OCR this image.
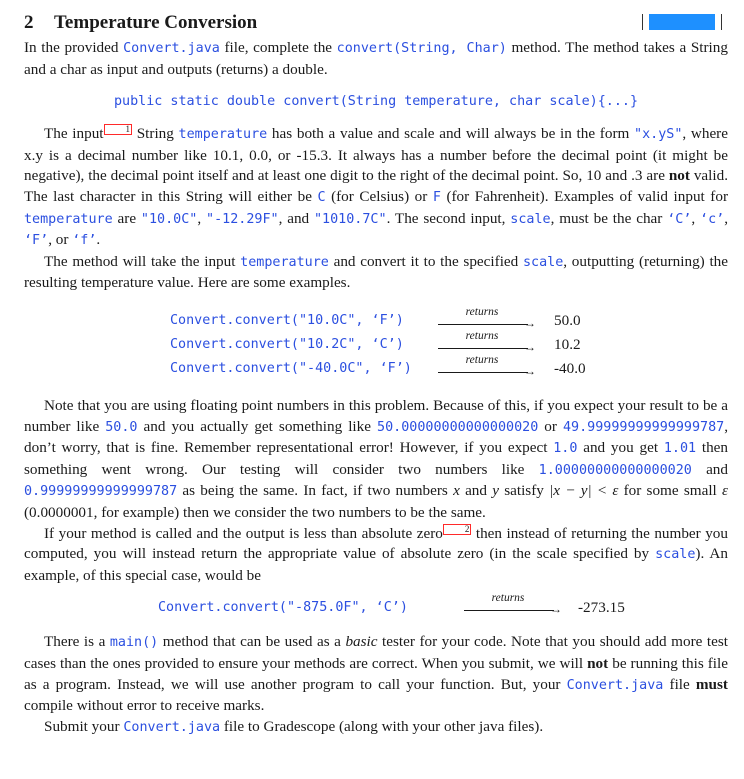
2 Temperature Conversion

In the provided Convert.java file, complete the convert(String, Char) method. The method takes a String and a char as input and outputs (returns) a double.

public static double convert(String temperature, char scale){...}

The input 1 String temperature has both a value and scale and will always be in the form "x.yS", where x.y is a decimal number like 10.1, 0.0, or -15.3. It always has a number before the decimal point (it might be negative), the decimal point itself and at least one digit to the right of the decimal point. So, 10 and .3 are not valid. The last character in this String will either be C (for Celsius) or F (for Fahrenheit). Examples of valid input for temperature are "10.0C", "-12.29F", and "1010.7C". The second input, scale, must be the char ‘C’, ‘c’, ‘F’, or ‘f’.

The method will take the input temperature and convert it to the specified scale, outputting (returning) the resulting temperature value. Here are some examples.

Convert.convert("10.0C", ‘F’)
returns
→ 50.0
Convert.convert("10.2C", ‘C’)
returns
→ 10.2
Convert.convert("-40.0C", ‘F’)
returns
→ -40.0

Note that you are using floating point numbers in this problem. Because of this, if you expect your result to be a number like 50.0 and you actually get something like 50.00000000000000020 or 49.99999999999999787, don’t worry, that is fine. Remember representational error! However, if you expect 1.0 and you get 1.01 then something went wrong. Our testing will consider two numbers like 1.00000000000000020 and 0.99999999999999787 as being the same. In fact, if two numbers x and y satisfy |x − y| < ε for some small ε (0.0000001, for example) then we consider the two numbers to be the same.

If your method is called and the output is less than absolute zero 2 then instead of returning the number you computed, you will instead return the appropriate value of absolute zero (in the scale specified by scale). An example, of this special case, would be

Convert.convert("-875.0F", ‘C’)
returns
→ -273.15

There is a main() method that can be used as a basic tester for your code. Note that you should add more test cases than the ones provided to ensure your methods are correct. When you submit, we will not be running this file as a program. Instead, we will use another program to call your function. But, your Convert.java file must compile without error to receive marks.

Submit your Convert.java file to Gradescope (along with your other java files).
